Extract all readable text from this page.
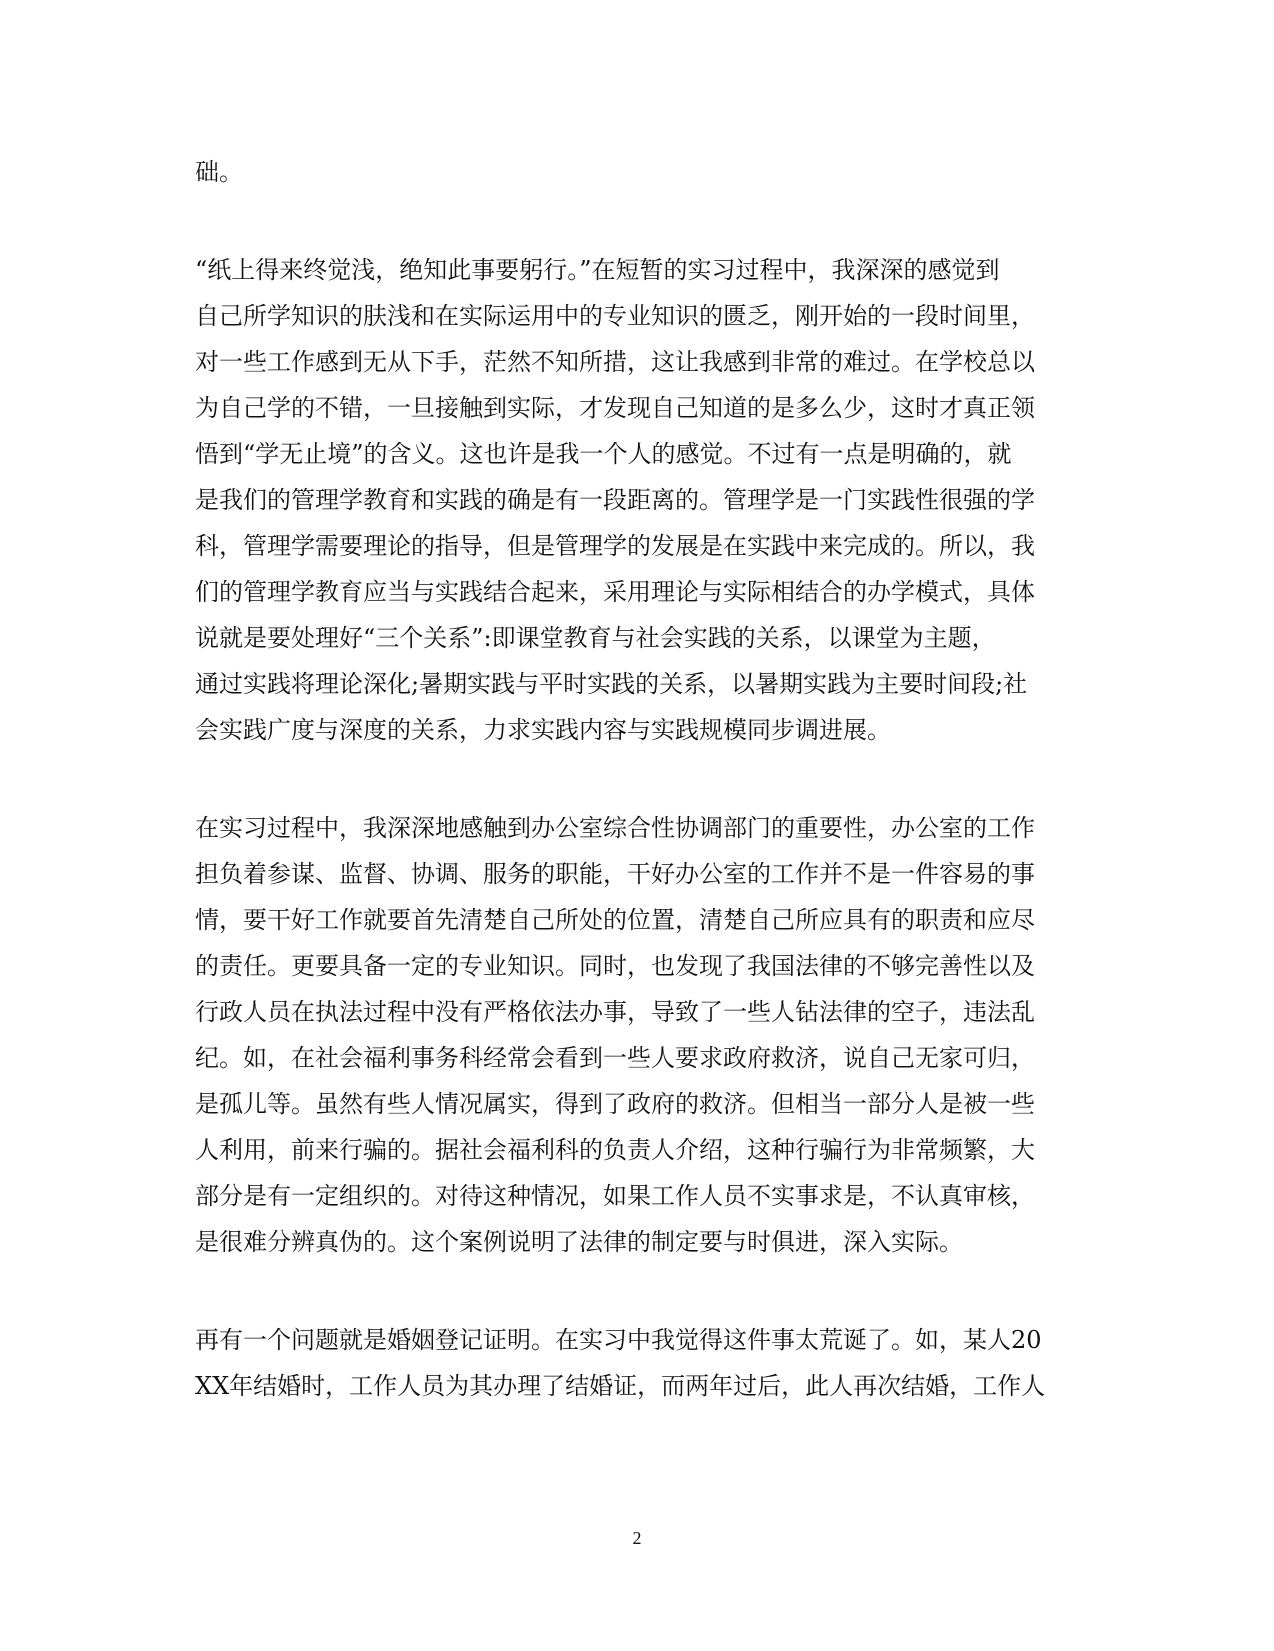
础。
“纸上得来终觉浅，绝知此事要躬行。”在短暂的实习过程中，我深深的感觉到
自己所学知识的肤浅和在实际运用中的专业知识的匮乏，刚开始的一段时间里，
对一些工作感到无从下手，茫然不知所措，这让我感到非常的难过。在学校总以
为自己学的不错，一旦接触到实际，才发现自己知道的是多么少，这时才真正领
悟到“学无止境”的含义。这也许是我一个人的感觉。不过有一点是明确的，就
是我们的管理学教育和实践的确是有一段距离的。管理学是一门实践性很强的学
科，管理学需要理论的指导，但是管理学的发展是在实践中来完成的。所以，我
们的管理学教育应当与实践结合起来，采用理论与实际相结合的办学模式，具体
说就是要处理好“三个关系”:即课堂教育与社会实践的关系，以课堂为主题，
通过实践将理论深化;暑期实践与平时实践的关系，以暑期实践为主要时间段;社
会实践广度与深度的关系，力求实践内容与实践规模同步调进展。
在实习过程中，我深深地感触到办公室综合性协调部门的重要性，办公室的工作
担负着参谋、监督、协调、服务的职能，干好办公室的工作并不是一件容易的事
情，要干好工作就要首先清楚自己所处的位置，清楚自己所应具有的职责和应尽
的责任。更要具备一定的专业知识。同时，也发现了我国法律的不够完善性以及
行政人员在执法过程中没有严格依法办事，导致了一些人钻法律的空子，违法乱
纪。如，在社会福利事务科经常会看到一些人要求政府救济，说自己无家可归，
是孤儿等。虽然有些人情况属实，得到了政府的救济。但相当一部分人是被一些
人利用，前来行骗的。据社会福利科的负责人介绍，这种行骗行为非常频繁，大
部分是有一定组织的。对待这种情况，如果工作人员不实事求是，不认真审核，
是很难分辨真伪的。这个案例说明了法律的制定要与时俱进，深入实际。
再有一个问题就是婚姻登记证明。在实习中我觉得这件事太荒诞了。如，某人20
XX年结婚时，工作人员为其办理了结婚证，而两年过后，此人再次结婚，工作人
2
